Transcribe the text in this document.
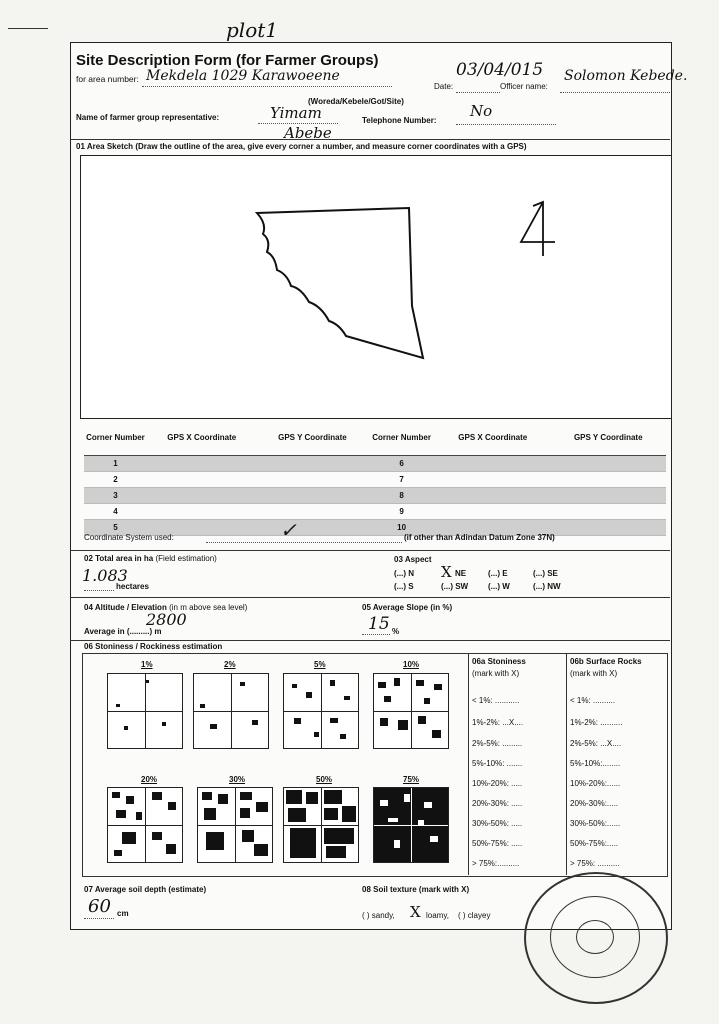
plot1
Site Description Form (for Farmer Groups)
for area number: Mekdela 1029 Karawoeene
Date:
03/04/015
Officer name:
Solomon Kebede.
(Woreda/Kebele/Got/Site)
Name of farmer group representative:	Yimam
Abebe
Telephone Number:
No
01 Area Sketch (Draw the outline of the area, give every corner a number, and measure corner coordinates with a GPS)
Corner Number	GPS X Coordinate	GPS Y Coordinate	Corner Number	GPS X Coordinate	GPS Y Coordinate
1			6		
2			7		
3			8		
4			9		
5			10		
Coordinate System used:	✓	(if other than Adindan Datum Zone 37N)
02 Total area in ha (Field estimation)
1.083
hectares
03 Aspect
(...) N X NE	(...) E	(...) SE
(...) S	(...) SW (...) W	(...) NW
04 Altitude / Elevation (in m above sea level)
2800
Average in (.........) m
05 Average Slope (in %)
15 %
06 Stoniness / Rockiness estimation
1%	2%	5%	10%
20%	30%	50%	75%
06a Stoniness
(mark with X)
06b Surface Rocks
(mark with X)
< 1%: ...........
1%-2%: ...X....
2%-5%: .........
5%-10%: .......
10%-20%: .....
20%-30%: .....
30%-50%: .....
50%-75%: .....
> 75%:..........
< 1%: ..........
1%-2%: ..........
2%-5%: ...X....
5%-10%:........
10%-20%:......
20%-30%:.....
30%-50%:......
50%-75%:.....
> 75%: ..........
07 Average soil depth (estimate)
60 cm
08 Soil texture (mark with X)
( ) sandy, X loamy, ( ) clayey
